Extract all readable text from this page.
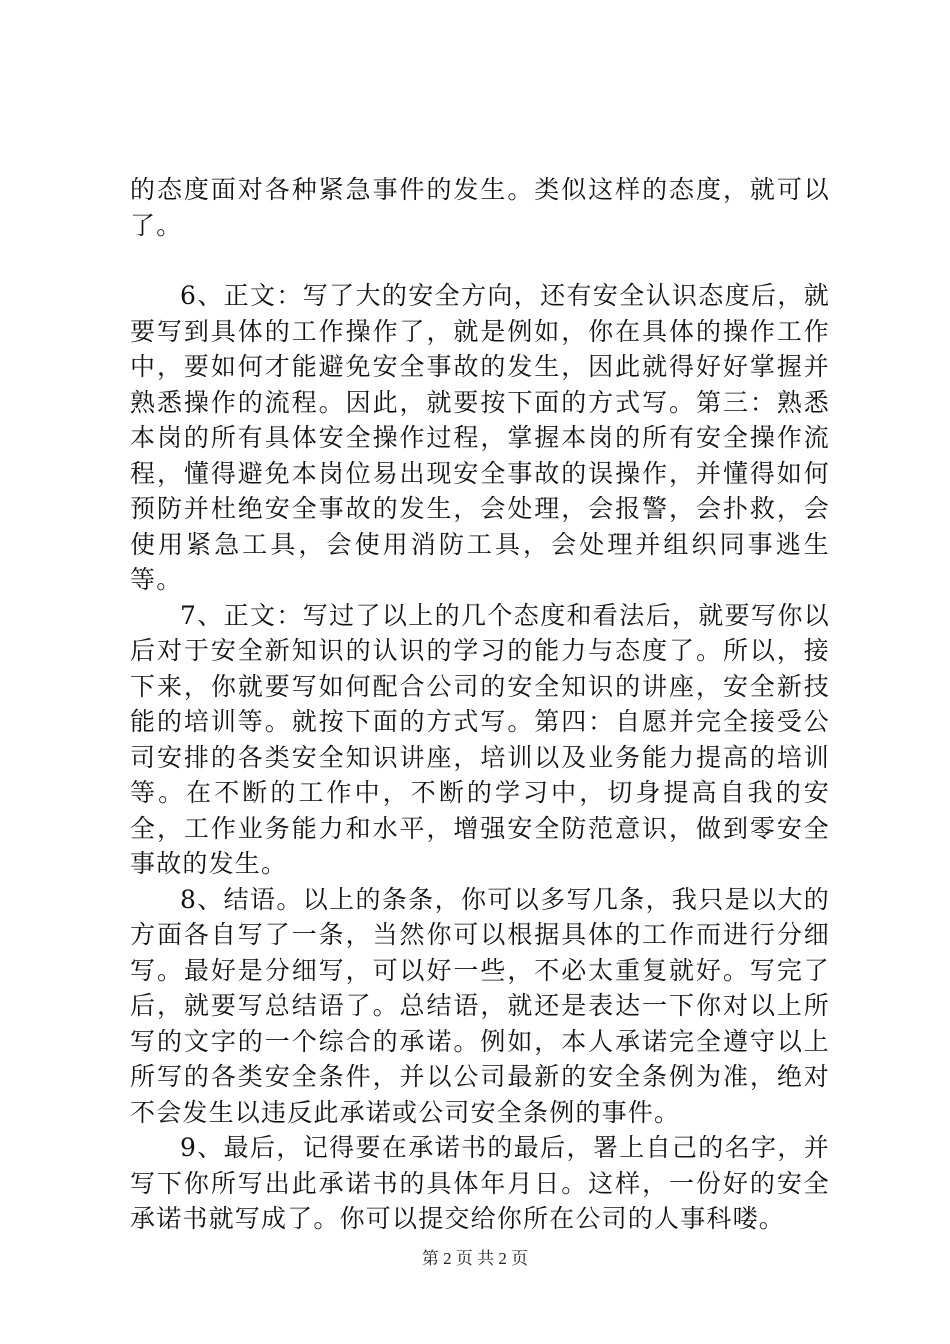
的态度面对各种紧急事件的发生。类似这样的态度，就可以了。

6、正文：写了大的安全方向，还有安全认识态度后，就要写到具体的工作操作了，就是例如，你在具体的操作工作中，要如何才能避免安全事故的发生，因此就得好好掌握并熟悉操作的流程。因此，就要按下面的方式写。第三：熟悉本岗的所有具体安全操作过程，掌握本岗的所有安全操作流程，懂得避免本岗位易出现安全事故的误操作，并懂得如何预防并杜绝安全事故的发生，会处理，会报警，会扑救，会使用紧急工具，会使用消防工具，会处理并组织同事逃生等。

7、正文：写过了以上的几个态度和看法后，就要写你以后对于安全新知识的认识的学习的能力与态度了。所以，接下来，你就要写如何配合公司的安全知识的讲座，安全新技能的培训等。就按下面的方式写。第四：自愿并完全接受公司安排的各类安全知识讲座，培训以及业务能力提高的培训等。在不断的工作中，不断的学习中，切身提高自我的安全，工作业务能力和水平，增强安全防范意识，做到零安全事故的发生。

8、结语。以上的条条，你可以多写几条，我只是以大的方面各自写了一条，当然你可以根据具体的工作而进行分细写。最好是分细写，可以好一些，不必太重复就好。写完了后，就要写总结语了。总结语，就还是表达一下你对以上所写的文字的一个综合的承诺。例如，本人承诺完全遵守以上所写的各类安全条件，并以公司最新的安全条例为准，绝对不会发生以违反此承诺或公司安全条例的事件。

9、最后，记得要在承诺书的最后，署上自己的名字，并写下你所写出此承诺书的具体年月日。这样，一份好的安全承诺书就写成了。你可以提交给你所在公司的人事科喽。

第 2 页 共 2 页
